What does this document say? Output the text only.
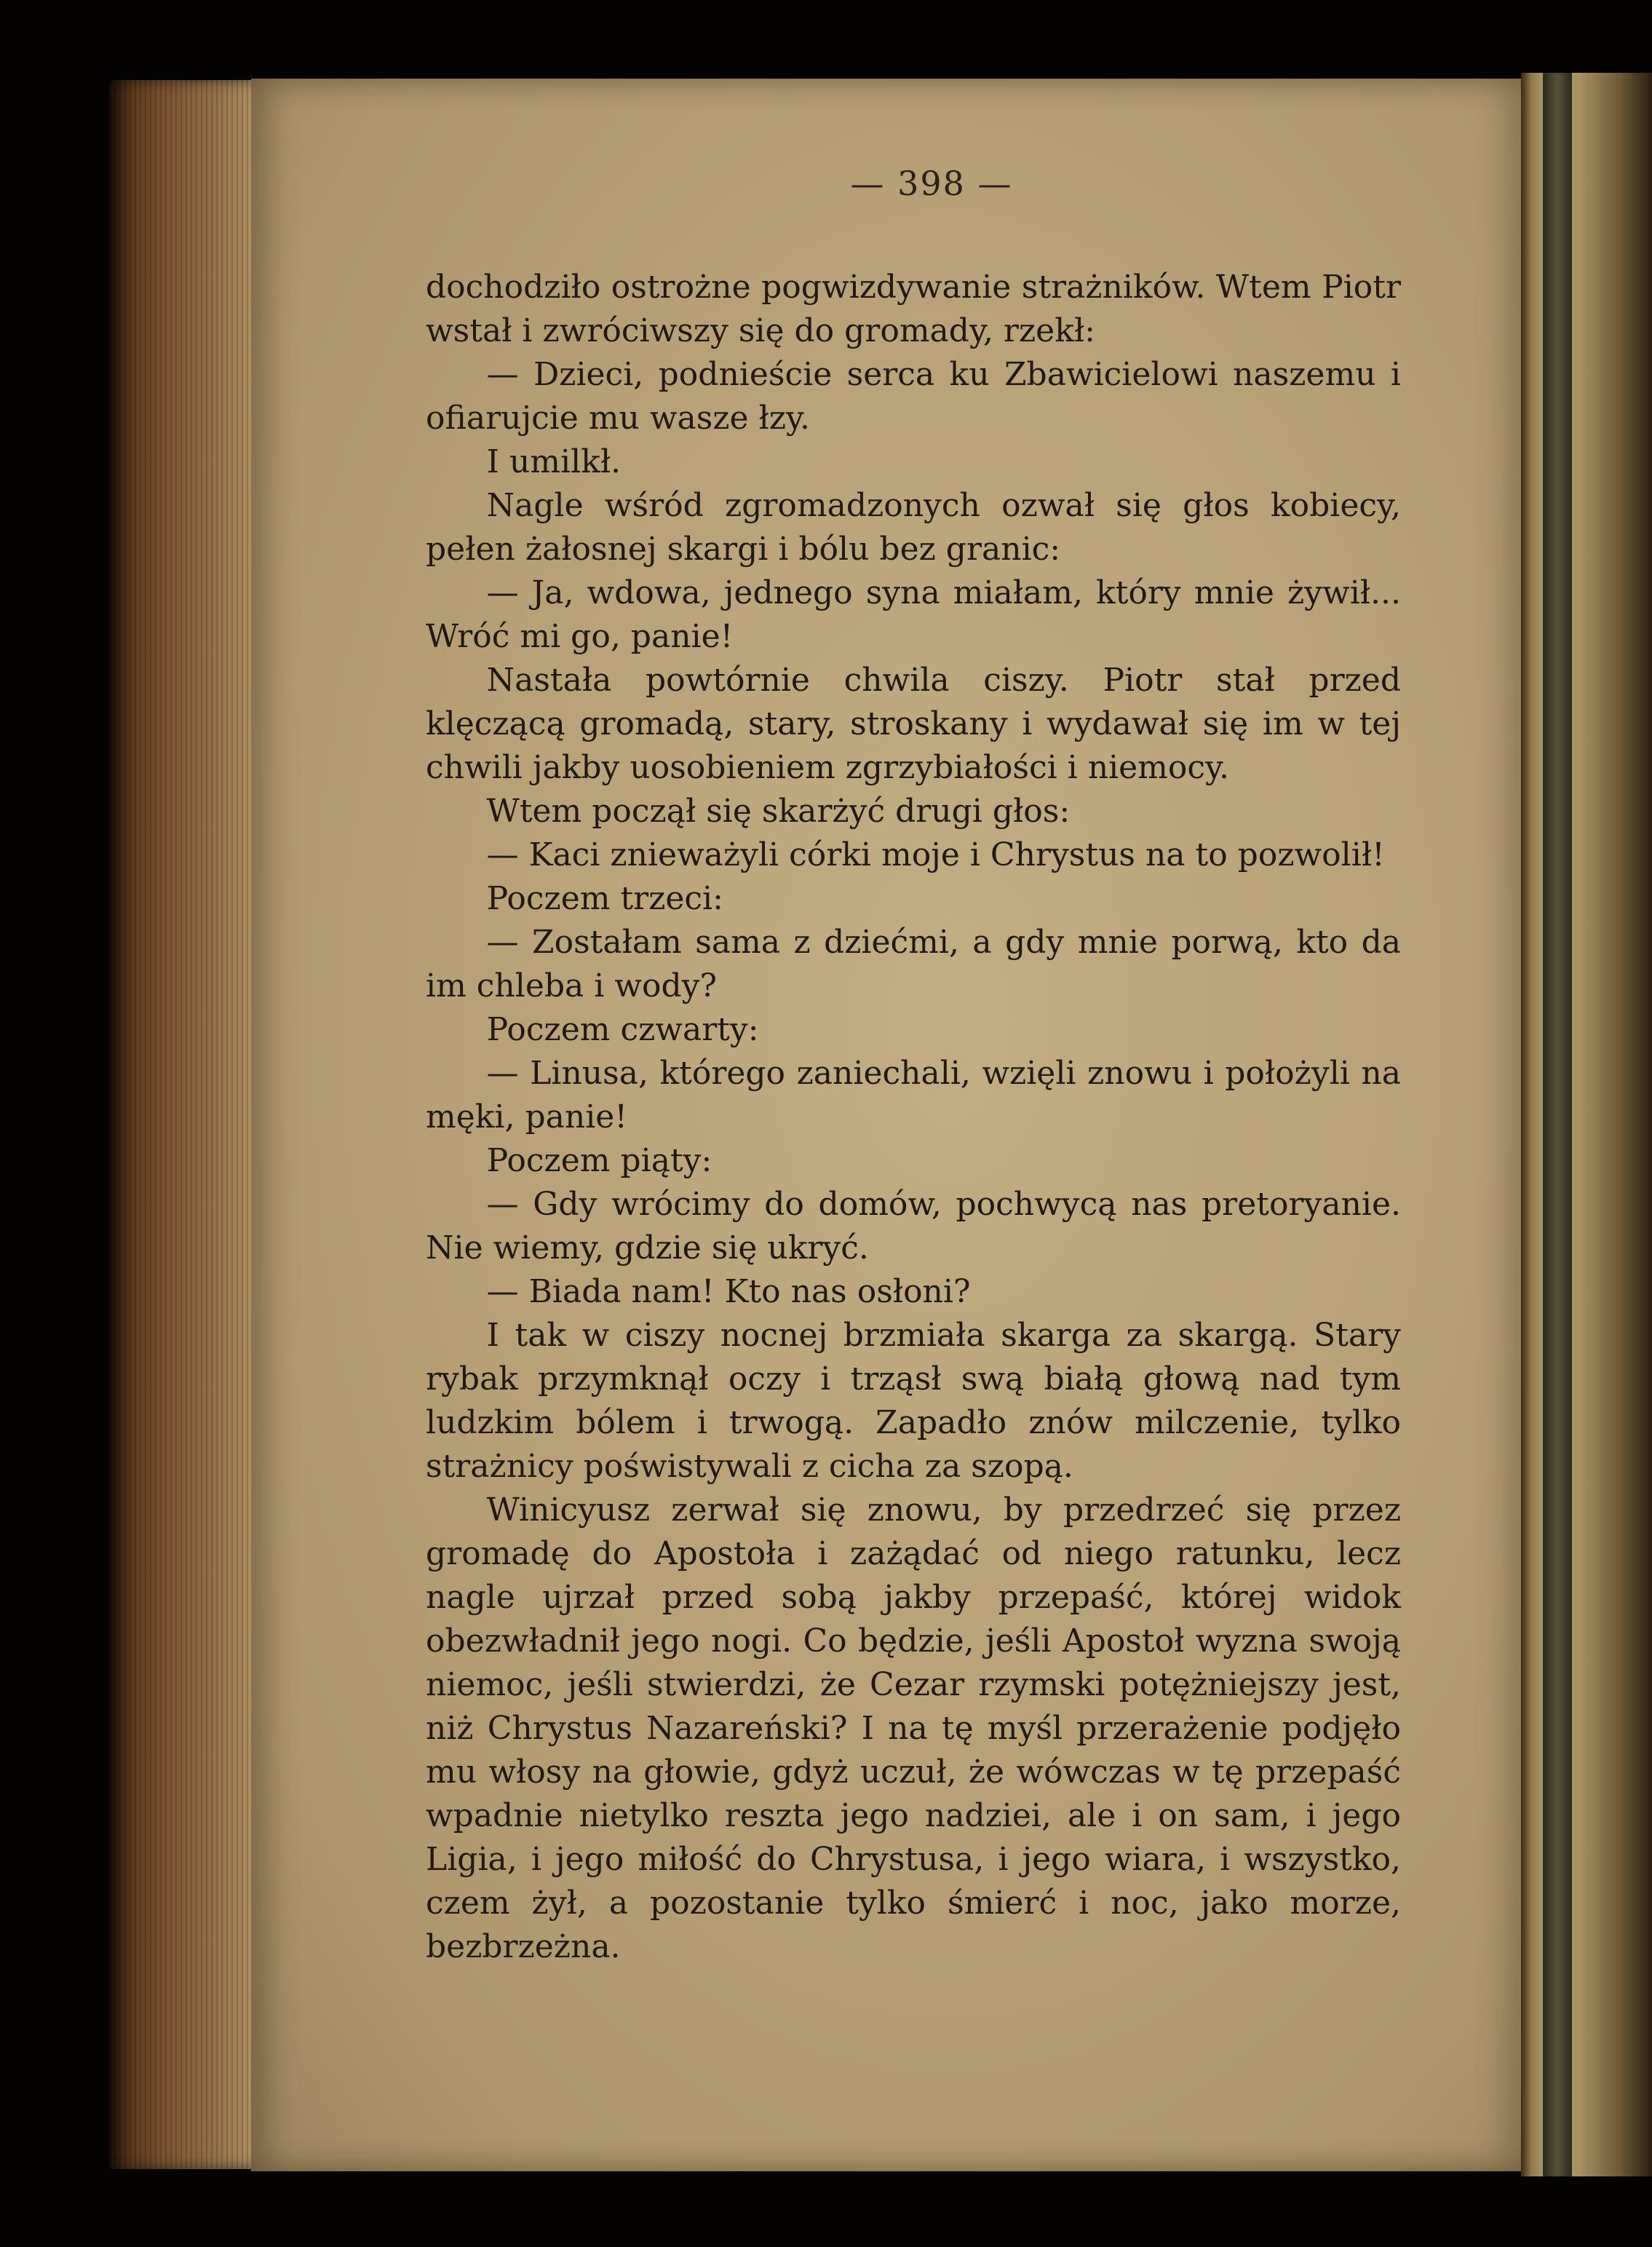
— 398 —

dochodziło ostrożne pogwizdywanie strażników. Wtem Piotr wstał i zwróciwszy się do gromady, rzekł:

— Dzieci, podnieście serca ku Zbawicielowi naszemu i ofiarujcie mu wasze łzy.

I umilkł.

Nagle wśród zgromadzonych ozwał się głos kobiecy, pełen żałosnej skargi i bólu bez granic:

— Ja, wdowa, jednego syna miałam, który mnie żywił... Wróć mi go, panie!

Nastała powtórnie chwila ciszy. Piotr stał przed klęczącą gromadą, stary, stroskany i wydawał się im w tej chwili jakby uosobieniem zgrzybiałości i niemocy.

Wtem począł się skarżyć drugi głos:

— Kaci znieważyli córki moje i Chrystus na to pozwolił!

Poczem trzeci:

— Zostałam sama z dziećmi, a gdy mnie porwą, kto da im chleba i wody?

Poczem czwarty:

— Linusa, którego zaniechali, wzięli znowu i położyli na męki, panie!

Poczem piąty:

— Gdy wrócimy do domów, pochwycą nas pretoryanie. Nie wiemy, gdzie się ukryć.

— Biada nam! Kto nas osłoni?

I tak w ciszy nocnej brzmiała skarga za skargą. Stary rybak przymknął oczy i trząsł swą białą głową nad tym ludzkim bólem i trwogą. Zapadło znów milczenie, tylko strażnicy poświstywali z cicha za szopą.

Winicyusz zerwał się znowu, by przedrzeć się przez gromadę do Apostoła i zażądać od niego ratunku, lecz nagle ujrzał przed sobą jakby przepaść, której widok obezwładnił jego nogi. Co będzie, jeśli Apostoł wyzna swoją niemoc, jeśli stwierdzi, że Cezar rzymski potężniejszy jest, niż Chrystus Nazareński? I na tę myśl przerażenie podjęło mu włosy na głowie, gdyż uczuł, że wówczas w tę przepaść wpadnie nietylko reszta jego nadziei, ale i on sam, i jego Ligia, i jego miłość do Chrystusa, i jego wiara, i wszystko, czem żył, a pozostanie tylko śmierć i noc, jako morze, bezbrzeżna.
